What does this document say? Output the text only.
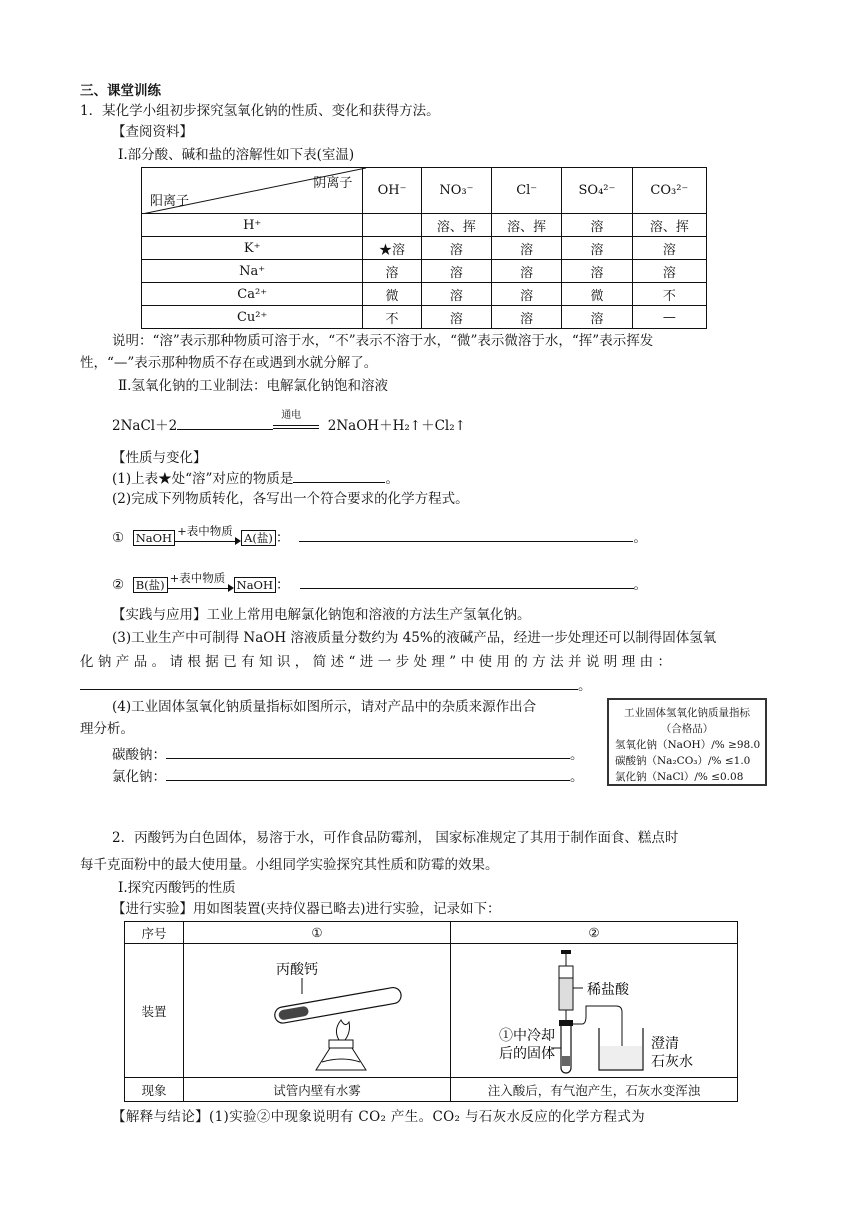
三、课堂训练
1．某化学小组初步探究氢氧化钠的性质、变化和获得方法。
【查阅资料】
Ⅰ.部分酸、碱和盐的溶解性如下表(室温)
阴离子
阳离子	OH⁻	NO₃⁻	Cl⁻	SO₄²⁻	CO₃²⁻
H⁺		溶、挥	溶、挥	溶	溶、挥
K⁺	★溶	溶	溶	溶	溶
Na⁺	溶	溶	溶	溶	溶
Ca²⁺	微	溶	溶	微	不
Cu²⁺	不	溶	溶	溶	—
说明：“溶”表示那种物质可溶于水，“不”表示不溶于水，“微”表示微溶于水，“挥”表示挥发
性，“—”表示那种物质不存在或遇到水就分解了。
Ⅱ.氢氧化钠的工业制法：电解氯化钠饱和溶液
2NaCl＋2
通电
2NaOH＋H₂↑＋Cl₂↑
【性质与变化】
(1)上表★处“溶”对应的物质是	。
(2)完成下列物质转化，各写出一个符合要求的化学方程式。
① NaOH
+表中物质
A(盐) ：	。
② B(盐)
+表中物质
NaOH ：	。
【实践与应用】工业上常用电解氯化钠饱和溶液的方法生产氢氧化钠。
(3)工业生产中可制得 NaOH 溶液质量分数约为 45%的液碱产品，经进一步处理还可以制得固体氢氧
化钠产品。请根据已有知识，简述“进一步处理”中使用的方法并说明理由：
。
(4)工业固体氢氧化钠质量指标如图所示，请对产品中的杂质来源作出合
理分析。
碳酸钠：	。
氯化钠：	。
工业固体氢氧化钠质量指标
（合格品）
氢氧化钠（NaOH）/% ≥98.0
碳酸钠（Na₂CO₃）/% ≤1.0
氯化钠（NaCl）/% ≤0.08
2．丙酸钙为白色固体，易溶于水，可作食品防霉剂， 国家标准规定了其用于制作面食、糕点时
每千克面粉中的最大使用量。小组同学实验探究其性质和防霉的效果。
Ⅰ.探究丙酸钙的性质
【进行实验】用如图装置(夹持仪器已略去)进行实验，记录如下：
序号	①	②
装置	丙酸钙	稀盐酸
①中冷却
后的固体
澄清
石灰水

现象	试管内壁有水雾	注入酸后，有气泡产生，石灰水变浑浊
【解释与结论】(1)实验②中现象说明有 CO₂ 产生。CO₂ 与石灰水反应的化学方程式为
